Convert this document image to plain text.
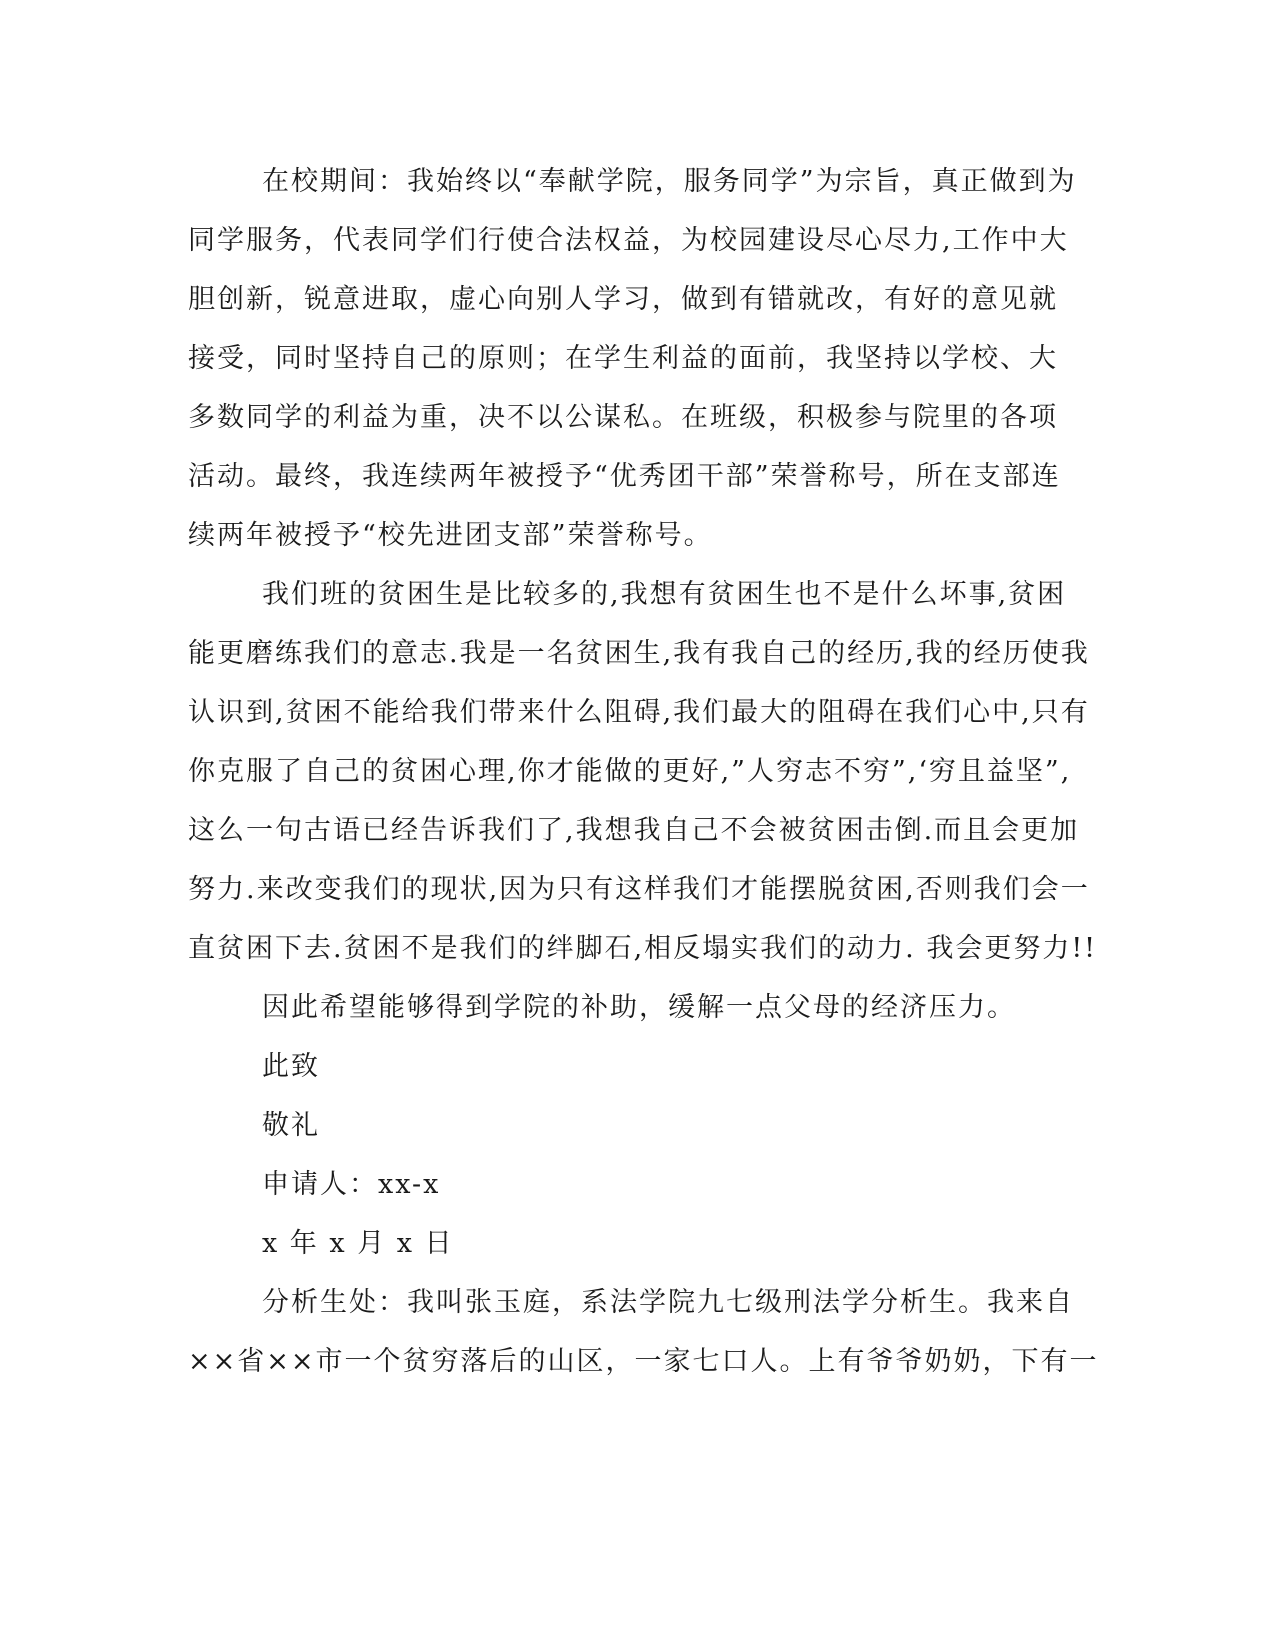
在校期间：我始终以“奉献学院，服务同学”为宗旨，真正做到为
同学服务，代表同学们行使合法权益，为校园建设尽心尽力,工作中大
胆创新，锐意进取，虚心向别人学习，做到有错就改，有好的意见就
接受，同时坚持自己的原则；在学生利益的面前，我坚持以学校、大
多数同学的利益为重，决不以公谋私。在班级，积极参与院里的各项
活动。最终，我连续两年被授予“优秀团干部”荣誉称号，所在支部连
续两年被授予“校先进团支部”荣誉称号。
我们班的贫困生是比较多的,我想有贫困生也不是什么坏事,贫困
能更磨练我们的意志.我是一名贫困生,我有我自己的经历,我的经历使我
认识到,贫困不能给我们带来什么阻碍,我们最大的阻碍在我们心中,只有
你克服了自己的贫困心理,你才能做的更好,”人穷志不穷”,‘穷且益坚”,
这么一句古语已经告诉我们了,我想我自己不会被贫困击倒.而且会更加
努力.来改变我们的现状,因为只有这样我们才能摆脱贫困,否则我们会一
直贫困下去.贫困不是我们的绊脚石,相反塌实我们的动力. 我会更努力!!
因此希望能够得到学院的补助，缓解一点父母的经济压力。
此致
敬礼
申请人：xx-x
x 年 x 月 x 日
分析生处：我叫张玉庭，系法学院九七级刑法学分析生。我来自
××省××市一个贫穷落后的山区，一家七口人。上有爷爷奶奶，下有一
